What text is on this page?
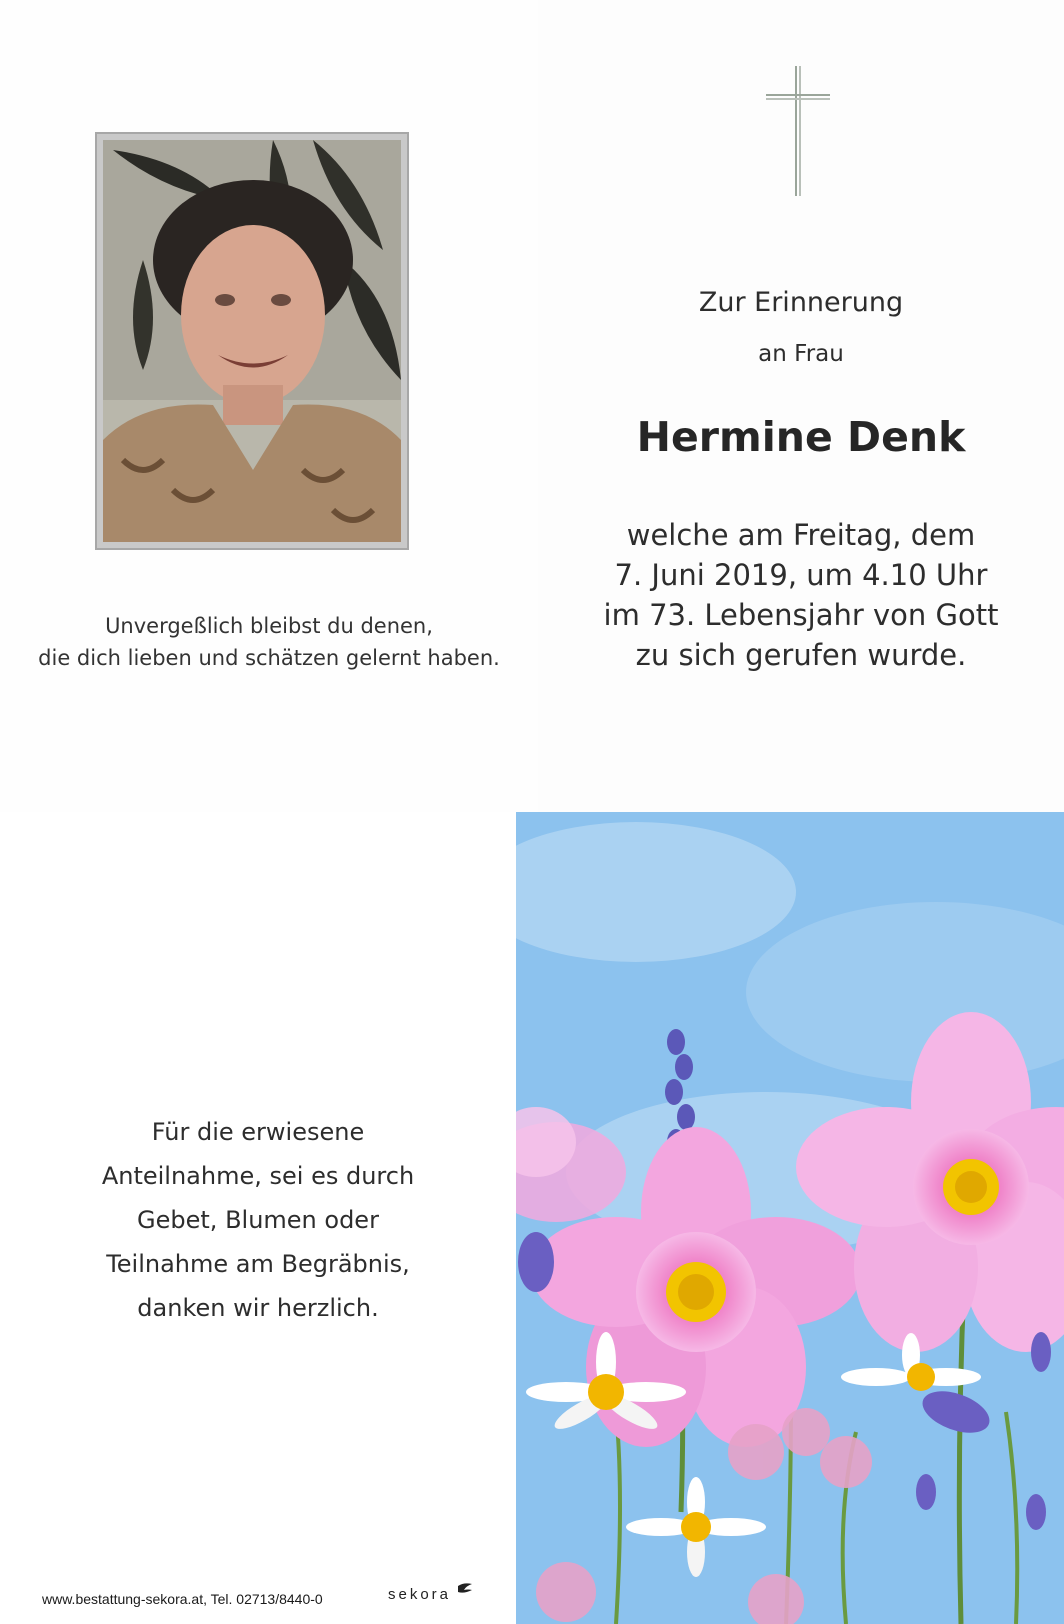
Unvergeßlich bleibst du denen,
die dich lieben und schätzen gelernt haben.
Zur Erinnerung
an Frau
Hermine Denk
welche am Freitag, dem
7. Juni 2019, um 4.10 Uhr
im 73. Lebensjahr von Gott
zu sich gerufen wurde.
Für die erwiesene
Anteilnahme, sei es durch
Gebet, Blumen oder
Teilnahme am Begräbnis,
danken wir herzlich.
www.bestattung-sekora.at, Tel. 02713/8440-0	sekora
